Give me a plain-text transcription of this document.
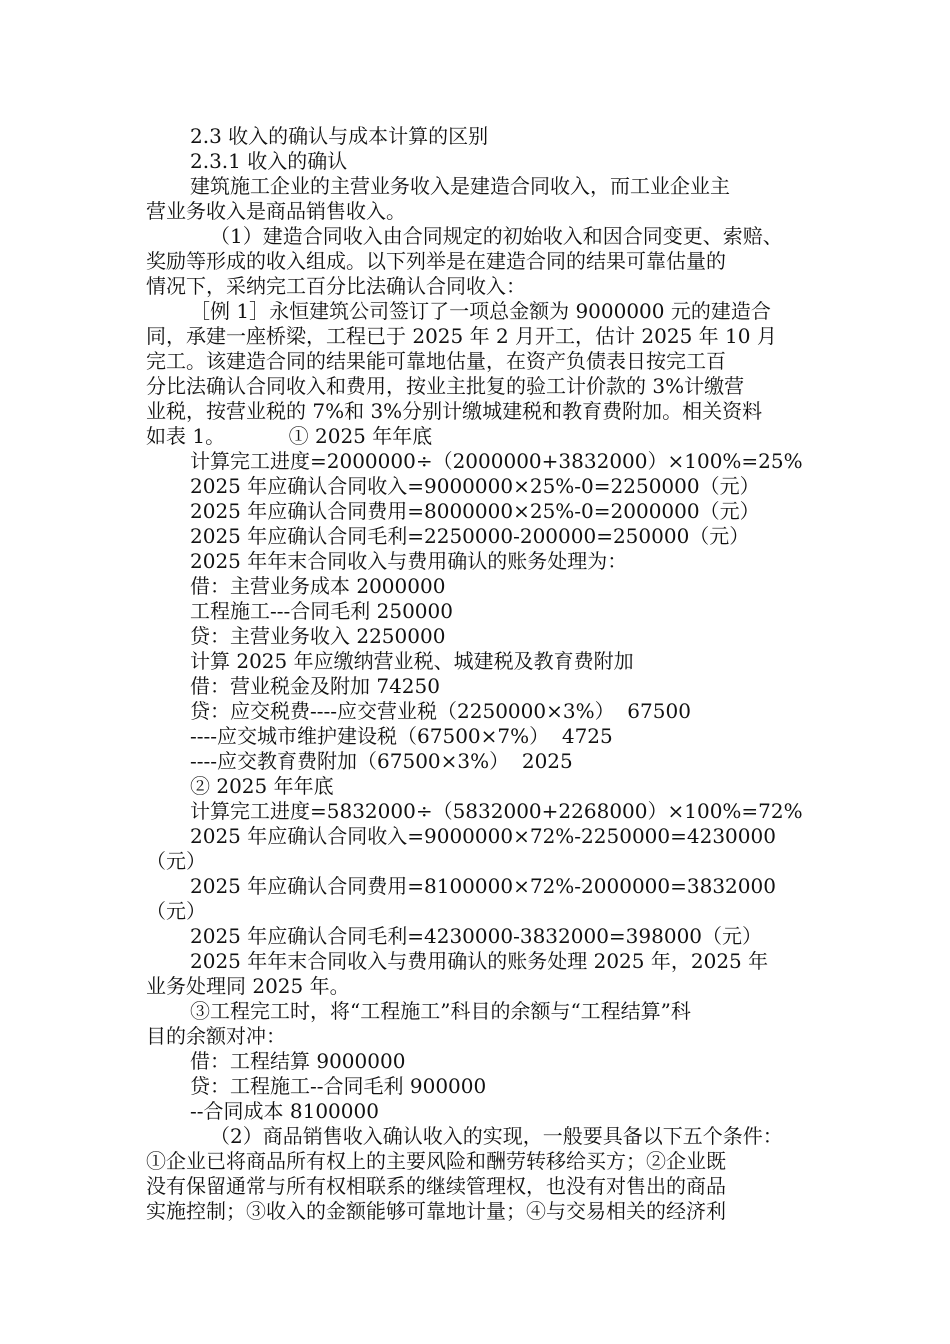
2.3 收入的确认与成本计算的区别
2.3.1 收入的确认
建筑施工企业的主营业务收入是建造合同收入，而工业企业主
营业务收入是商品销售收入。
（1）建造合同收入由合同规定的初始收入和因合同变更、索赔、
奖励等形成的收入组成。以下列举是在建造合同的结果可靠估量的
情况下，采纳完工百分比法确认合同收入：
［例 1］永恒建筑公司签订了一项总金额为 9000000 元的建造合
同，承建一座桥梁，工程已于 2025 年 2 月开工，估计 2025 年 10 月
完工。该建造合同的结果能可靠地估量，在资产负债表日按完工百
分比法确认合同收入和费用，按业主批复的验工计价款的 3%计缴营
业税，按营业税的 7%和 3%分别计缴城建税和教育费附加。相关资料
如表 1。          ① 2025 年年底
计算完工进度=2000000÷（2000000+3832000）×100%=25%
2025 年应确认合同收入=9000000×25%-0=2250000（元）
2025 年应确认合同费用=8000000×25%-0=2000000（元）
2025 年应确认合同毛利=2250000-200000=250000（元）
2025 年年末合同收入与费用确认的账务处理为：
借：主营业务成本 2000000
工程施工---合同毛利 250000
贷：主营业务收入 2250000
计算 2025 年应缴纳营业税、城建税及教育费附加
借：营业税金及附加 74250
贷：应交税费----应交营业税（2250000×3%）  67500
----应交城市维护建设税（67500×7%）  4725
----应交教育费附加（67500×3%）  2025
② 2025 年年底
计算完工进度=5832000÷（5832000+2268000）×100%=72%
2025 年应确认合同收入=9000000×72%-2250000=4230000
（元）
2025 年应确认合同费用=8100000×72%-2000000=3832000
（元）
2025 年应确认合同毛利=4230000-3832000=398000（元）
2025 年年末合同收入与费用确认的账务处理 2025 年，2025 年
业务处理同 2025 年。
③工程完工时，将“工程施工”科目的余额与“工程结算”科
目的余额对冲：
借：工程结算 9000000
贷：工程施工--合同毛利 900000
--合同成本 8100000
（2）商品销售收入确认收入的实现，一般要具备以下五个条件：
①企业已将商品所有权上的主要风险和酬劳转移给买方；②企业既
没有保留通常与所有权相联系的继续管理权，也没有对售出的商品
实施控制；③收入的金额能够可靠地计量；④与交易相关的经济利
